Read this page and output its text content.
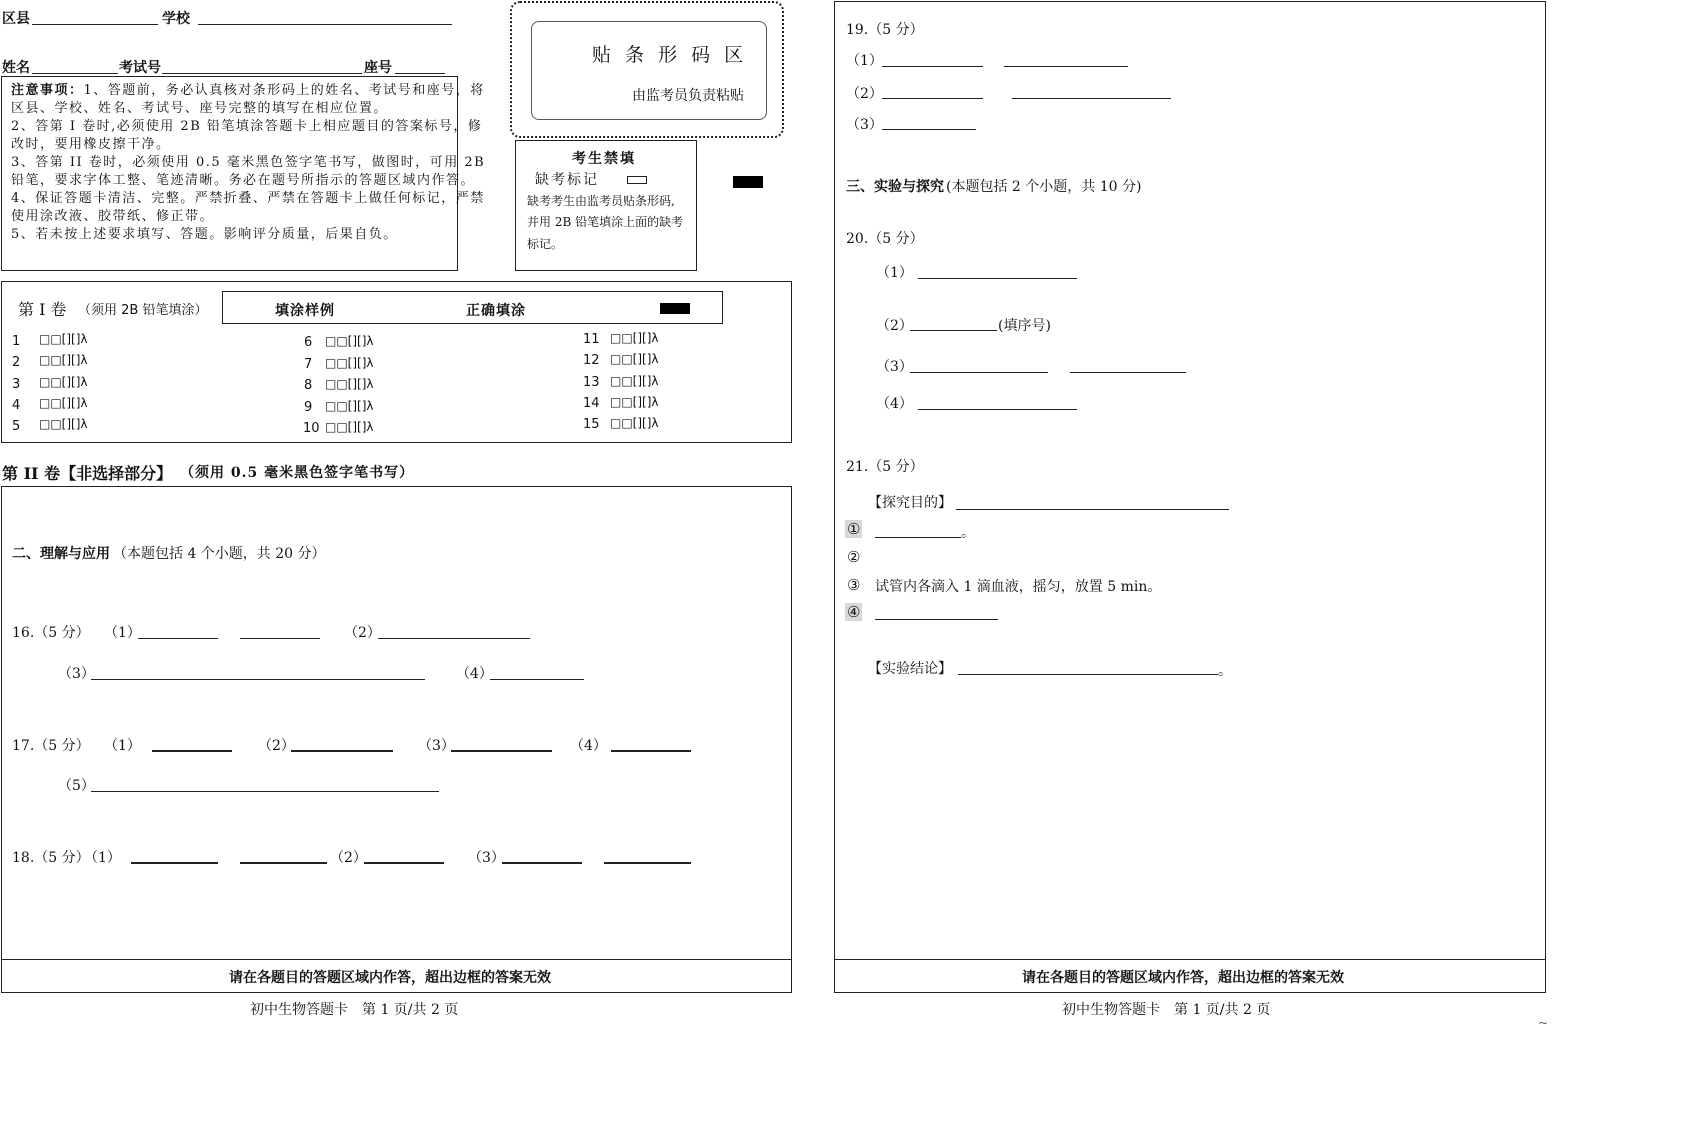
区县	学校
姓名	考试号	座号
注意事项：1、答题前，务必认真核对条形码上的姓名、考试号和座号，将区县、学校、姓名、考试号、座号完整的填写在相应位置。
2、答第 I 卷时,必须使用 2B 铅笔填涂答题卡上相应题目的答案标号，修改时，要用橡皮擦干净。
3、答第 II 卷时，必须使用 0.5 毫米黑色签字笔书写，做图时，可用 2B 铅笔，要求字体工整、笔迹清晰。务必在题号所指示的答题区域内作答。
4、保证答题卡清洁、完整。严禁折叠、严禁在答题卡上做任何标记，严禁使用涂改液、胶带纸、修正带。
5、若未按上述要求填写、答题。影响评分质量，后果自负。
贴 条 形 码 区
由监考员负责粘贴
考生禁填
缺考标记
缺考考生由监考员贴条形码,
并用 2B 铅笔填涂上面的缺考
标记。
第 I 卷 （须用 2B 铅笔填涂）	填涂样例	正确填涂
1 □□[][]λ
2 □□[][]λ
3 □□[][]λ
4 □□[][]λ
5 □□[][]λ
6 □□[][]λ
7 □□[][]λ
8 □□[][]λ
9 □□[][]λ
10 □□[][]λ
11 □□[][]λ
12 □□[][]λ
13 □□[][]λ
14 □□[][]λ
15 □□[][]λ
第 II 卷【非选择部分】 （须用 0.5 毫米黑色签字笔书写）
二、理解与应用 （本题包括 4 个小题，共 20 分）
16.（5 分） （1）	（2）
（3）	（4）
17.（5 分） （1）	（2）	（3）	（4）
（5）
18.（5 分）
（1）	（2）	（3）
请在各题目的答题区域内作答，超出边框的答案无效
初中生物答题卡　第 1 页/共 2 页
19.（5 分）
（1）
（2）
（3）
三、实验与探究 (本题包括 2 个小题，共 10 分)
20.（5 分）
（1）
（2）	(填序号)
（3）
（4）
21.（5 分）
【探究目的】
①	。
②
③ 试管内各滴入 1 滴血液，摇匀，放置 5 min。
④
【实验结论】	。
请在各题目的答题区域内作答，超出边框的答案无效
初中生物答题卡　第 1 页/共 2 页
~
